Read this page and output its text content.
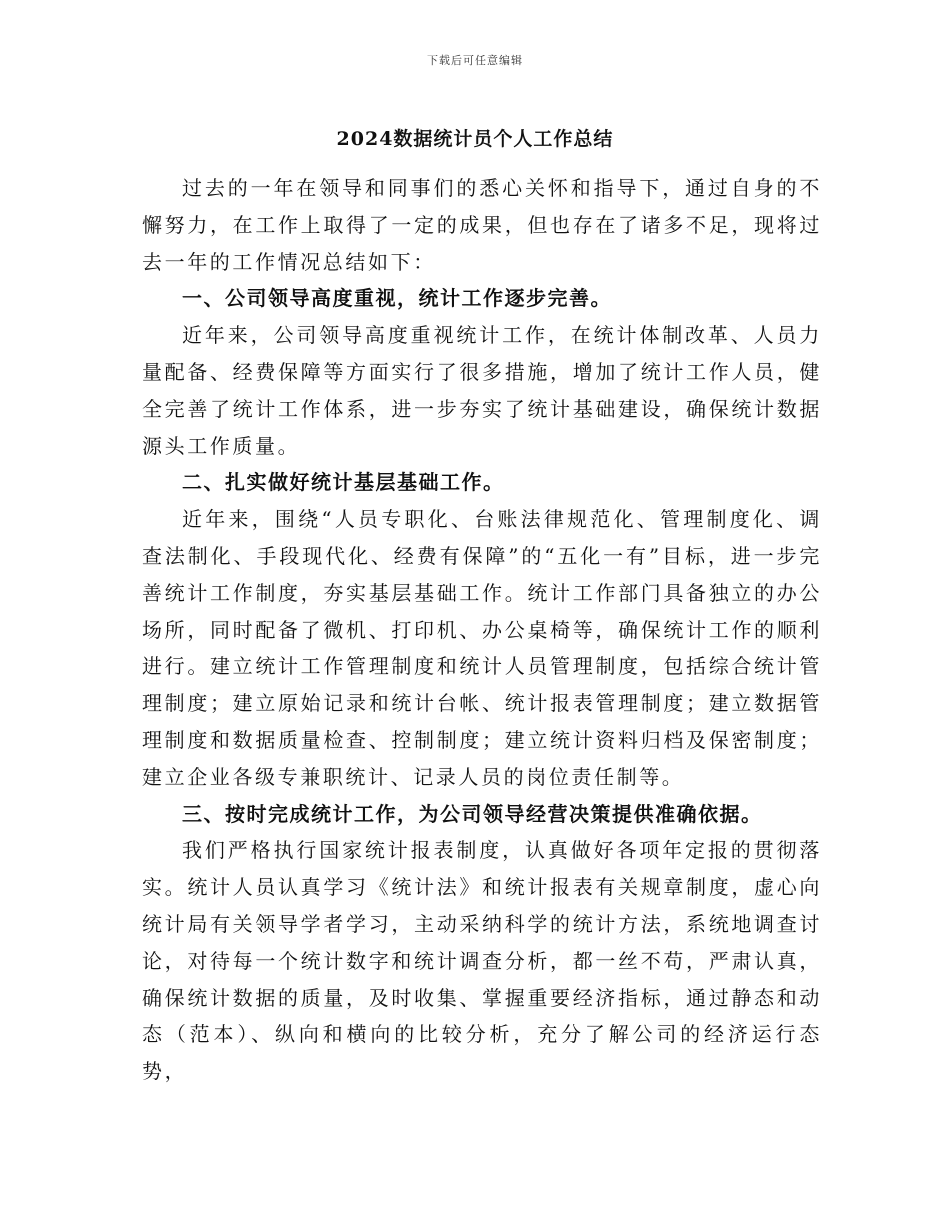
下载后可任意编辑
2024数据统计员个人工作总结

过去的一年在领导和同事们的悉心关怀和指导下，通过自身的不懈努力，在工作上取得了一定的成果，但也存在了诸多不足，现将过去一年的工作情况总结如下：

一、公司领导高度重视，统计工作逐步完善。

近年来，公司领导高度重视统计工作，在统计体制改革、人员力量配备、经费保障等方面实行了很多措施，增加了统计工作人员，健全完善了统计工作体系，进一步夯实了统计基础建设，确保统计数据源头工作质量。

二、扎实做好统计基层基础工作。

近年来，围绕“人员专职化、台账法律规范化、管理制度化、调查法制化、手段现代化、经费有保障”的“五化一有”目标，进一步完善统计工作制度，夯实基层基础工作。统计工作部门具备独立的办公场所，同时配备了微机、打印机、办公桌椅等，确保统计工作的顺利进行。建立统计工作管理制度和统计人员管理制度，包括综合统计管理制度；建立原始记录和统计台帐、统计报表管理制度；建立数据管理制度和数据质量检查、控制制度；建立统计资料归档及保密制度；建立企业各级专兼职统计、记录人员的岗位责任制等。

三、按时完成统计工作，为公司领导经营决策提供准确依据。

我们严格执行国家统计报表制度，认真做好各项年定报的贯彻落实。统计人员认真学习《统计法》和统计报表有关规章制度，虚心向统计局有关领导学者学习，主动采纳科学的统计方法，系统地调查讨论，对待每一个统计数字和统计调查分析，都一丝不苟，严肃认真，确保统计数据的质量，及时收集、掌握重要经济指标，通过静态和动态（范本）、纵向和横向的比较分析，充分了解公司的经济运行态势，
